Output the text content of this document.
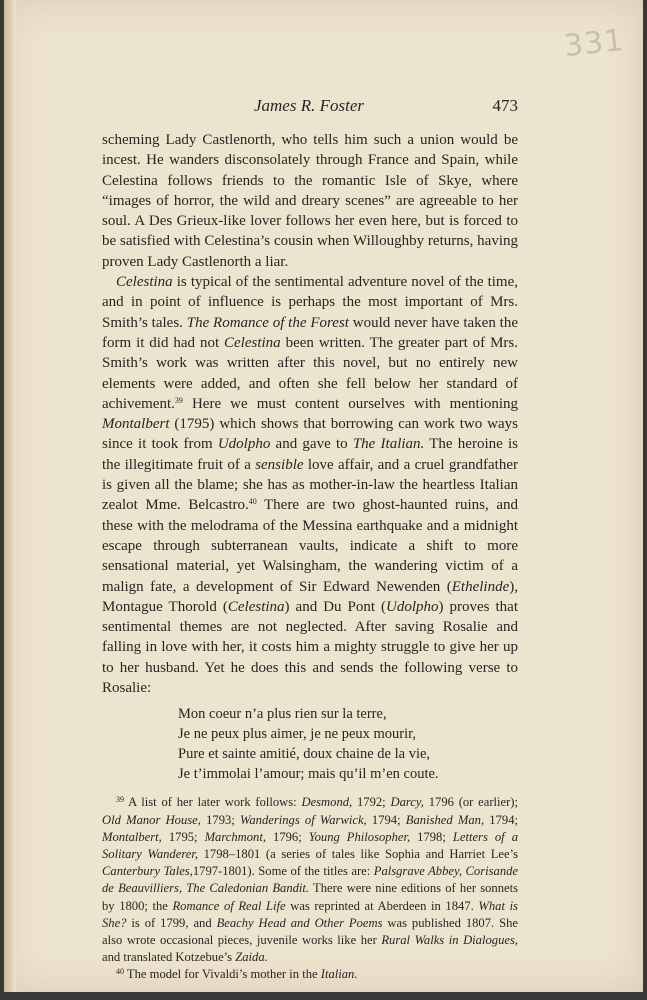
331
James R. Foster	473

scheming Lady Castlenorth, who tells him such a union would be incest. He wanders disconsolately through France and Spain, while Celestina follows friends to the romantic Isle of Skye, where “images of horror, the wild and dreary scenes” are agreeable to her soul. A Des Grieux-like lover follows her even here, but is forced to be satisfied with Celestina’s cousin when Willoughby returns, having proven Lady Castlenorth a liar.

Celestina is typical of the sentimental adventure novel of the time, and in point of influence is perhaps the most important of Mrs. Smith’s tales. The Romance of the Forest would never have taken the form it did had not Celestina been written. The greater part of Mrs. Smith’s work was written after this novel, but no entirely new elements were added, and often she fell below her standard of achivement.$^{39}$ Here we must content ourselves with mentioning Montalbert (1795) which shows that borrowing can work two ways since it took from Udolpho and gave to The Italian. The heroine is the illegitimate fruit of a sensible love affair, and a cruel grandfather is given all the blame; she has as mother-in-law the heartless Italian zealot Mme. Belcastro.$^{40}$ There are two ghost-haunted ruins, and these with the melodrama of the Messina earthquake and a midnight escape through subterranean vaults, indicate a shift to more sensational material, yet Walsingham, the wandering victim of a malign fate, a development of Sir Edward Newenden (Ethelinde), Montague Thorold (Celestina) and Du Pont (Udolpho) proves that sentimental themes are not neglected. After saving Rosalie and falling in love with her, it costs him a mighty struggle to give her up to her husband. Yet he does this and sends the following verse to Rosalie:

Mon coeur n’a plus rien sur la terre,
Je ne peux plus aimer, je ne peux mourir,
Pure et sainte amitié, doux chaine de la vie,
Je t’immolai l’amour; mais qu’il m’en coute.

$^{39}$ A list of her later work follows: Desmond, 1792; Darcy, 1796 (or earlier); Old Manor House, 1793; Wanderings of Warwick, 1794; Banished Man, 1794; Montalbert, 1795; Marchmont, 1796; Young Philosopher, 1798; Letters of a Solitary Wanderer, 1798–1801 (a series of tales like Sophia and Harriet Lee’s Canterbury Tales,1797-1801). Some of the titles are: Palsgrave Abbey, Corisande de Beauvilliers, The Caledonian Bandit. There were nine editions of her sonnets by 1800; the Romance of Real Life was reprinted at Aberdeen in 1847. What is She? is of 1799, and Beachy Head and Other Poems was published 1807. She also wrote occasional pieces, juvenile works like her Rural Walks in Dialogues, and translated Kotzebue’s Zaida.

$^{40}$ The model for Vivaldi’s mother in the Italian.
